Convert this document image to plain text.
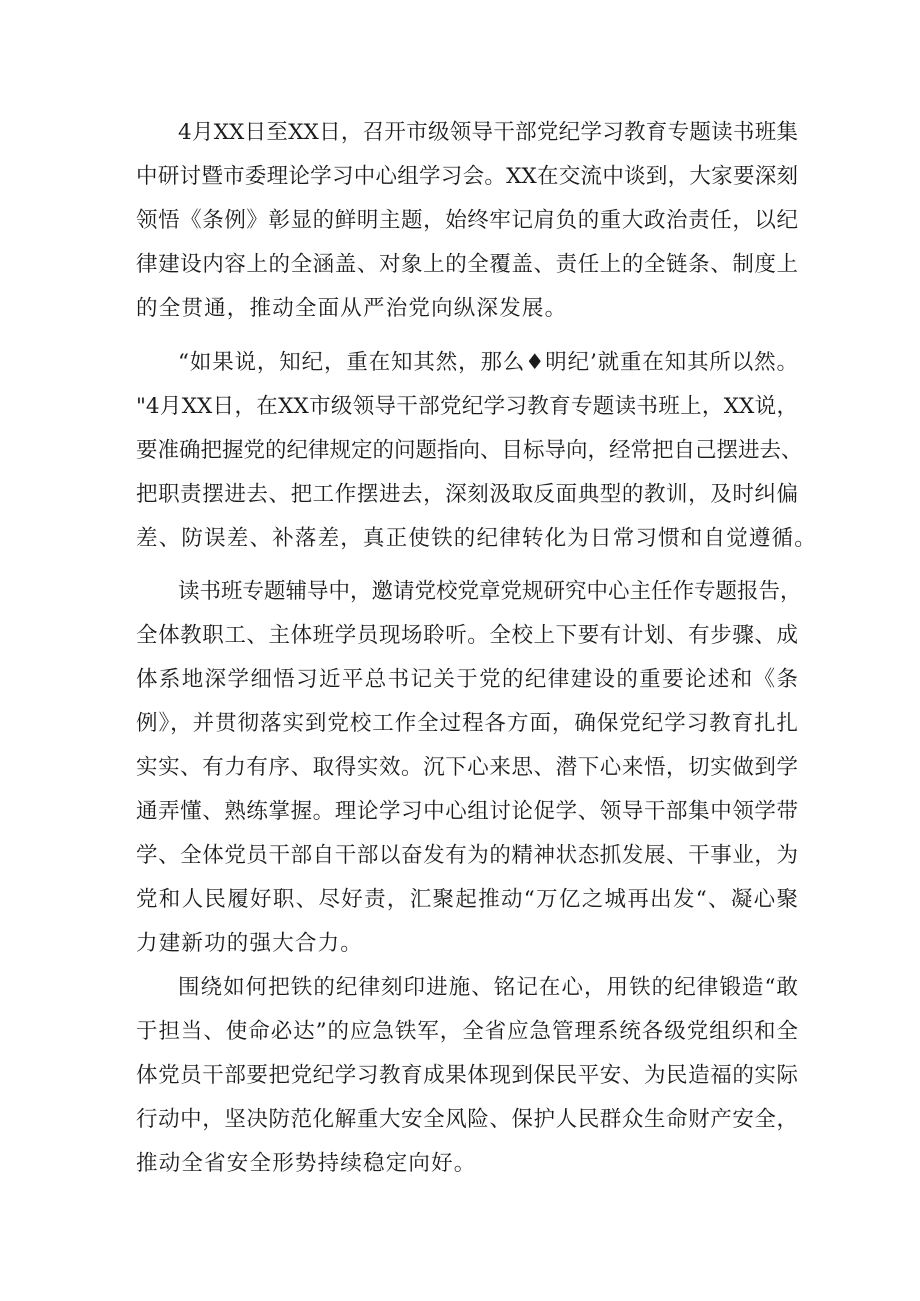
4月XX日至XX日，召开市级领导干部党纪学习教育专题读书班集
中研讨暨市委理论学习中心组学习会。XX在交流中谈到，大家要深刻
领悟《条例》彰显的鲜明主题，始终牢记肩负的重大政治责任，以纪
律建设内容上的全涵盖、对象上的全覆盖、责任上的全链条、制度上
的全贯通，推动全面从严治党向纵深发展。
“如果说，知纪，重在知其然，那么♦明纪’就重在知其所以然。
"4月XX日，在XX市级领导干部党纪学习教育专题读书班上，XX说，
要准确把握党的纪律规定的问题指向、目标导向，经常把自己摆进去、
把职责摆进去、把工作摆进去，深刻汲取反面典型的教训，及时纠偏
差、防误差、补落差，真正使铁的纪律转化为日常习惯和自觉遵循。
读书班专题辅导中，邀请党校党章党规研究中心主任作专题报告，
全体教职工、主体班学员现场聆听。全校上下要有计划、有步骤、成
体系地深学细悟习近平总书记关于党的纪律建设的重要论述和《条
例》，并贯彻落实到党校工作全过程各方面，确保党纪学习教育扎扎
实实、有力有序、取得实效。沉下心来思、潜下心来悟，切实做到学
通弄懂、熟练掌握。理论学习中心组讨论促学、领导干部集中领学带
学、全体党员干部自干部以奋发有为的精神状态抓发展、干事业，为
党和人民履好职、尽好责，汇聚起推动“万亿之城再出发“、凝心聚
力建新功的强大合力。
围绕如何把铁的纪律刻印进施、铭记在心，用铁的纪律锻造“敢
于担当、使命必达”的应急铁军，全省应急管理系统各级党组织和全
体党员干部要把党纪学习教育成果体现到保民平安、为民造福的实际
行动中，坚决防范化解重大安全风险、保护人民群众生命财产安全，
推动全省安全形势持续稳定向好。
